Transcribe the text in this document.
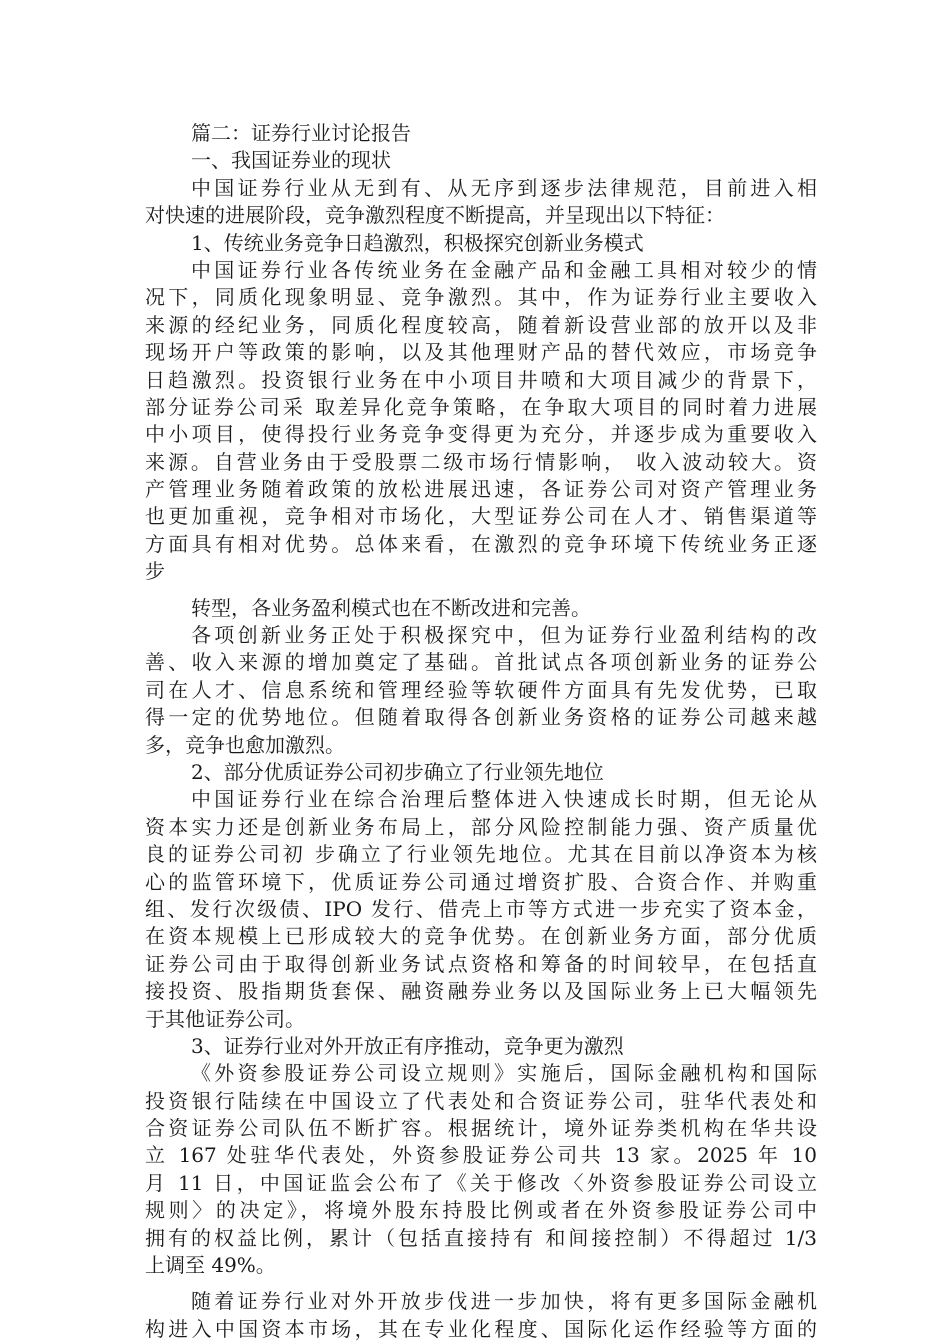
篇二：证券行业讨论报告
一、我国证券业的现状
中国证券行业从无到有、从无序到逐步法律规范，目前进入相
对快速的进展阶段，竞争激烈程度不断提高，并呈现出以下特征：
1、传统业务竞争日趋激烈，积极探究创新业务模式
中国证券行业各传统业务在金融产品和金融工具相对较少的情
况下，同质化现象明显、竞争激烈。其中，作为证券行业主要收入
来源的经纪业务，同质化程度较高，随着新设营业部的放开以及非
现场开户等政策的影响，以及其他理财产品的替代效应，市场竞争
日趋激烈。投资银行业务在中小项目井喷和大项目减少的背景下，
部分证券公司采 取差异化竞争策略，在争取大项目的同时着力进展
中小项目，使得投行业务竞争变得更为充分，并逐步成为重要收入
来源。自营业务由于受股票二级市场行情影响， 收入波动较大。资
产管理业务随着政策的放松进展迅速，各证券公司对资产管理业务
也更加重视，竞争相对市场化，大型证券公司在人才、销售渠道等
方面具有相对优势。总体来看，在激烈的竞争环境下传统业务正逐
步
转型，各业务盈利模式也在不断改进和完善。
各项创新业务正处于积极探究中，但为证券行业盈利结构的改
善、收入来源的增加奠定了基础。首批试点各项创新业务的证券公
司在人才、信息系统和管理经验等软硬件方面具有先发优势，已取
得一定的优势地位。但随着取得各创新业务资格的证券公司越来越
多，竞争也愈加激烈。
2、部分优质证券公司初步确立了行业领先地位
中国证券行业在综合治理后整体进入快速成长时期，但无论从
资本实力还是创新业务布局上，部分风险控制能力强、资产质量优
良的证券公司初 步确立了行业领先地位。尤其在目前以净资本为核
心的监管环境下，优质证券公司通过增资扩股、合资合作、并购重
组、发行次级债、IPO 发行、借壳上市等方式进一步充实了资本金，
在资本规模上已形成较大的竞争优势。在创新业务方面，部分优质
证券公司由于取得创新业务试点资格和筹备的时间较早，在包括直
接投资、股指期货套保、融资融券业务以及国际业务上已大幅领先
于其他证券公司。
3、证券行业对外开放正有序推动，竞争更为激烈
《外资参股证券公司设立规则》实施后，国际金融机构和国际
投资银行陆续在中国设立了代表处和合资证券公司，驻华代表处和
合资证券公司队伍不断扩容。根据统计，境外证券类机构在华共设
立 167 处驻华代表处，外资参股证券公司共 13 家。2025 年 10
月 11 日，中国证监会公布了《关于修改〈外资参股证券公司设立
规则〉的决定》，将境外股东持股比例或者在外资参股证券公司中
拥有的权益比例，累计（包括直接持有 和间接控制）不得超过 1/3
上调至 49%。
随着证券行业对外开放步伐进一步加快，将有更多国际金融机
构进入中国资本市场，其在专业化程度、国际化运作经验等方面的
